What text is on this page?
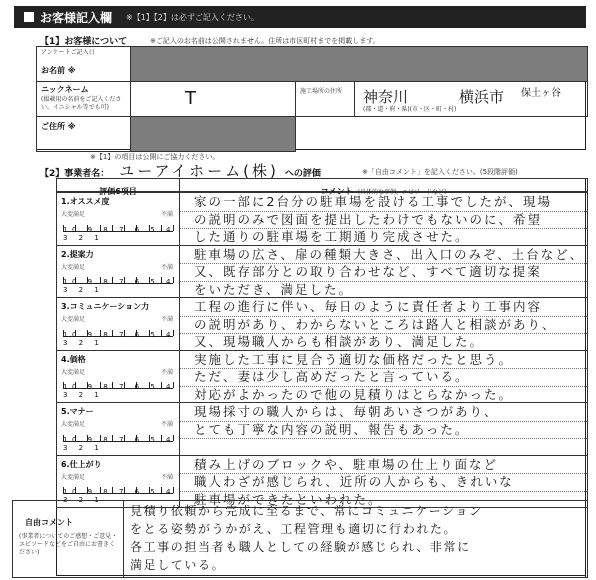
お客様記入欄 ※【1】【2】は必ずご記入ください。
【1】お客様について	※ご記入のお名前は公開されません。住所は市区町村までを掲載します。
アンケートご記入日
お名前 ※
ニックネーム
(掲載用の名前をご記入ください。イニシャル等でも可)	T	施工場所の住所	神奈川	横浜市 保土ヶ谷
(都・道・府・県)(市・区・町・村)
ご住所 ※
※【1】の項目は公開にご協力ください。
【2】事業者名： ユーアイホーム(株) への評価	※「自由コメント」を記入ください。(5段階評価)
評価6項目	コメント (具体的な事例、エピソードなど)
1.オススメ度
大変満足	不満
10 9 8 7 6 5 4 3 2 1
家の一部に2台分の駐車場を設ける工事でしたが、現場
の説明のみで図面を提出したわけでもないのに、希望
した通りの駐車場を工期通り完成させた。
2.提案力
大変満足	不満
10 9 8 7 6 5 4 3 2 1
駐車場の広さ、扉の種類大きさ、出入口のみぞ、土台など、
又、既存部分との取り合わせなど、すべて適切な提案
をいただき、満足した。
3.コミュニケーション力
大変満足	不満
10 9 8 7 6 5 4 3 2 1
工程の進行に伴い、毎日のように責任者より工事内容
の説明があり、わからないところは路人と相談があり、
又、現場職人からも相談があり、満足した。
4.価格
大変満足	不満
10 9 8 7 6 5 4 3 2 1
実施した工事に見合う適切な価格だったと思う。
ただ、妻は少し高めだったと言っている。
対応がよかったので他の見積りはとらなかった。
5.マナー
大変満足	不満
10 9 8 7 6 5 4 3 2 1
現場採寸の職人からは、毎朝あいさつがあり、
とても丁寧な内容の説明、報告もあった。
6.仕上がり
大変満足	不満
10 9 8 7 6 5 4 3 2 1
積み上げのブロックや、駐車場の仕上り面など
職人わざが感じられ、近所の人からも、きれいな
駐車場ができたといわれた。
自由コメント
(事業者についてのご感想・ご意見・エピソードなどをご自由にお書きください)
見積り依頼から完成に至るまで、常にコミュニケーション
をとる姿勢がうかがえ、工程管理も適切に行われた。
各工事の担当者も職人としての経験が感じられ、非常に
満足している。
